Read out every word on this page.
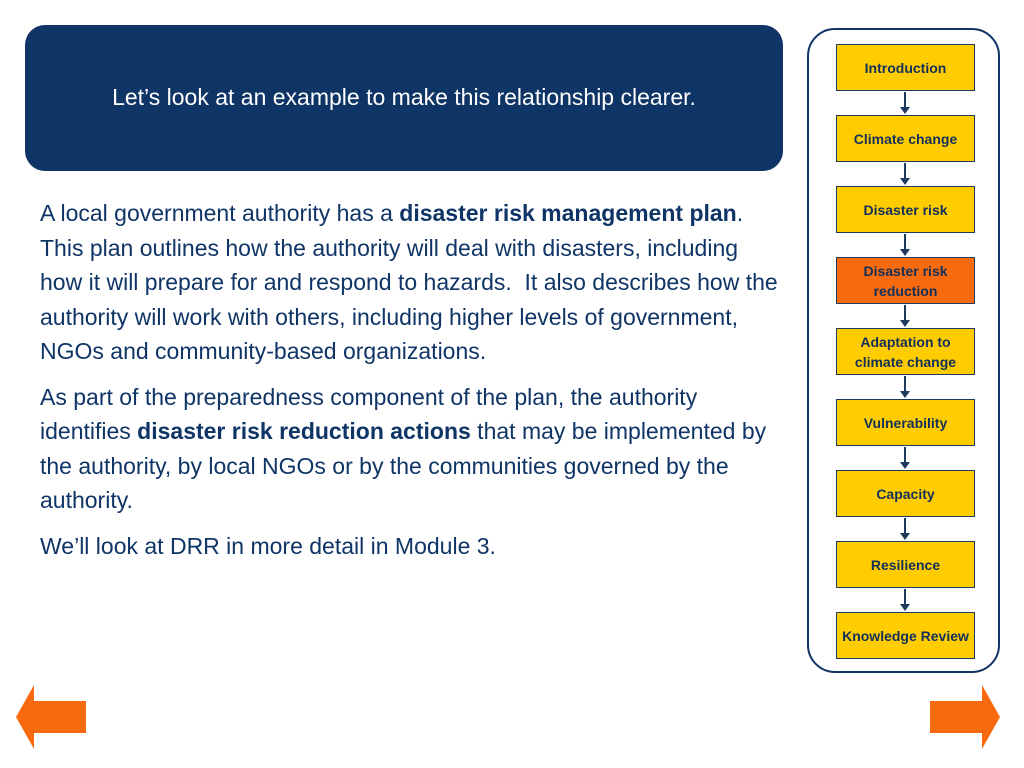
Let’s look at an example to make this relationship clearer.

A local government authority has a disaster risk management plan.  This plan outlines how the authority will deal with disasters, including how it will prepare for and respond to hazards.  It also describes how the authority will work with others, including higher levels of government, NGOs and community-based organizations.

As part of the preparedness component of the plan, the authority identifies disaster risk reduction actions that may be implemented by the authority, by local NGOs or by the communities governed by the authority.

We’ll look at DRR in more detail in Module 3.

Introduction
Climate change
Disaster risk
Disaster risk reduction
Adaptation to climate change
Vulnerability
Capacity
Resilience
Knowledge Review
